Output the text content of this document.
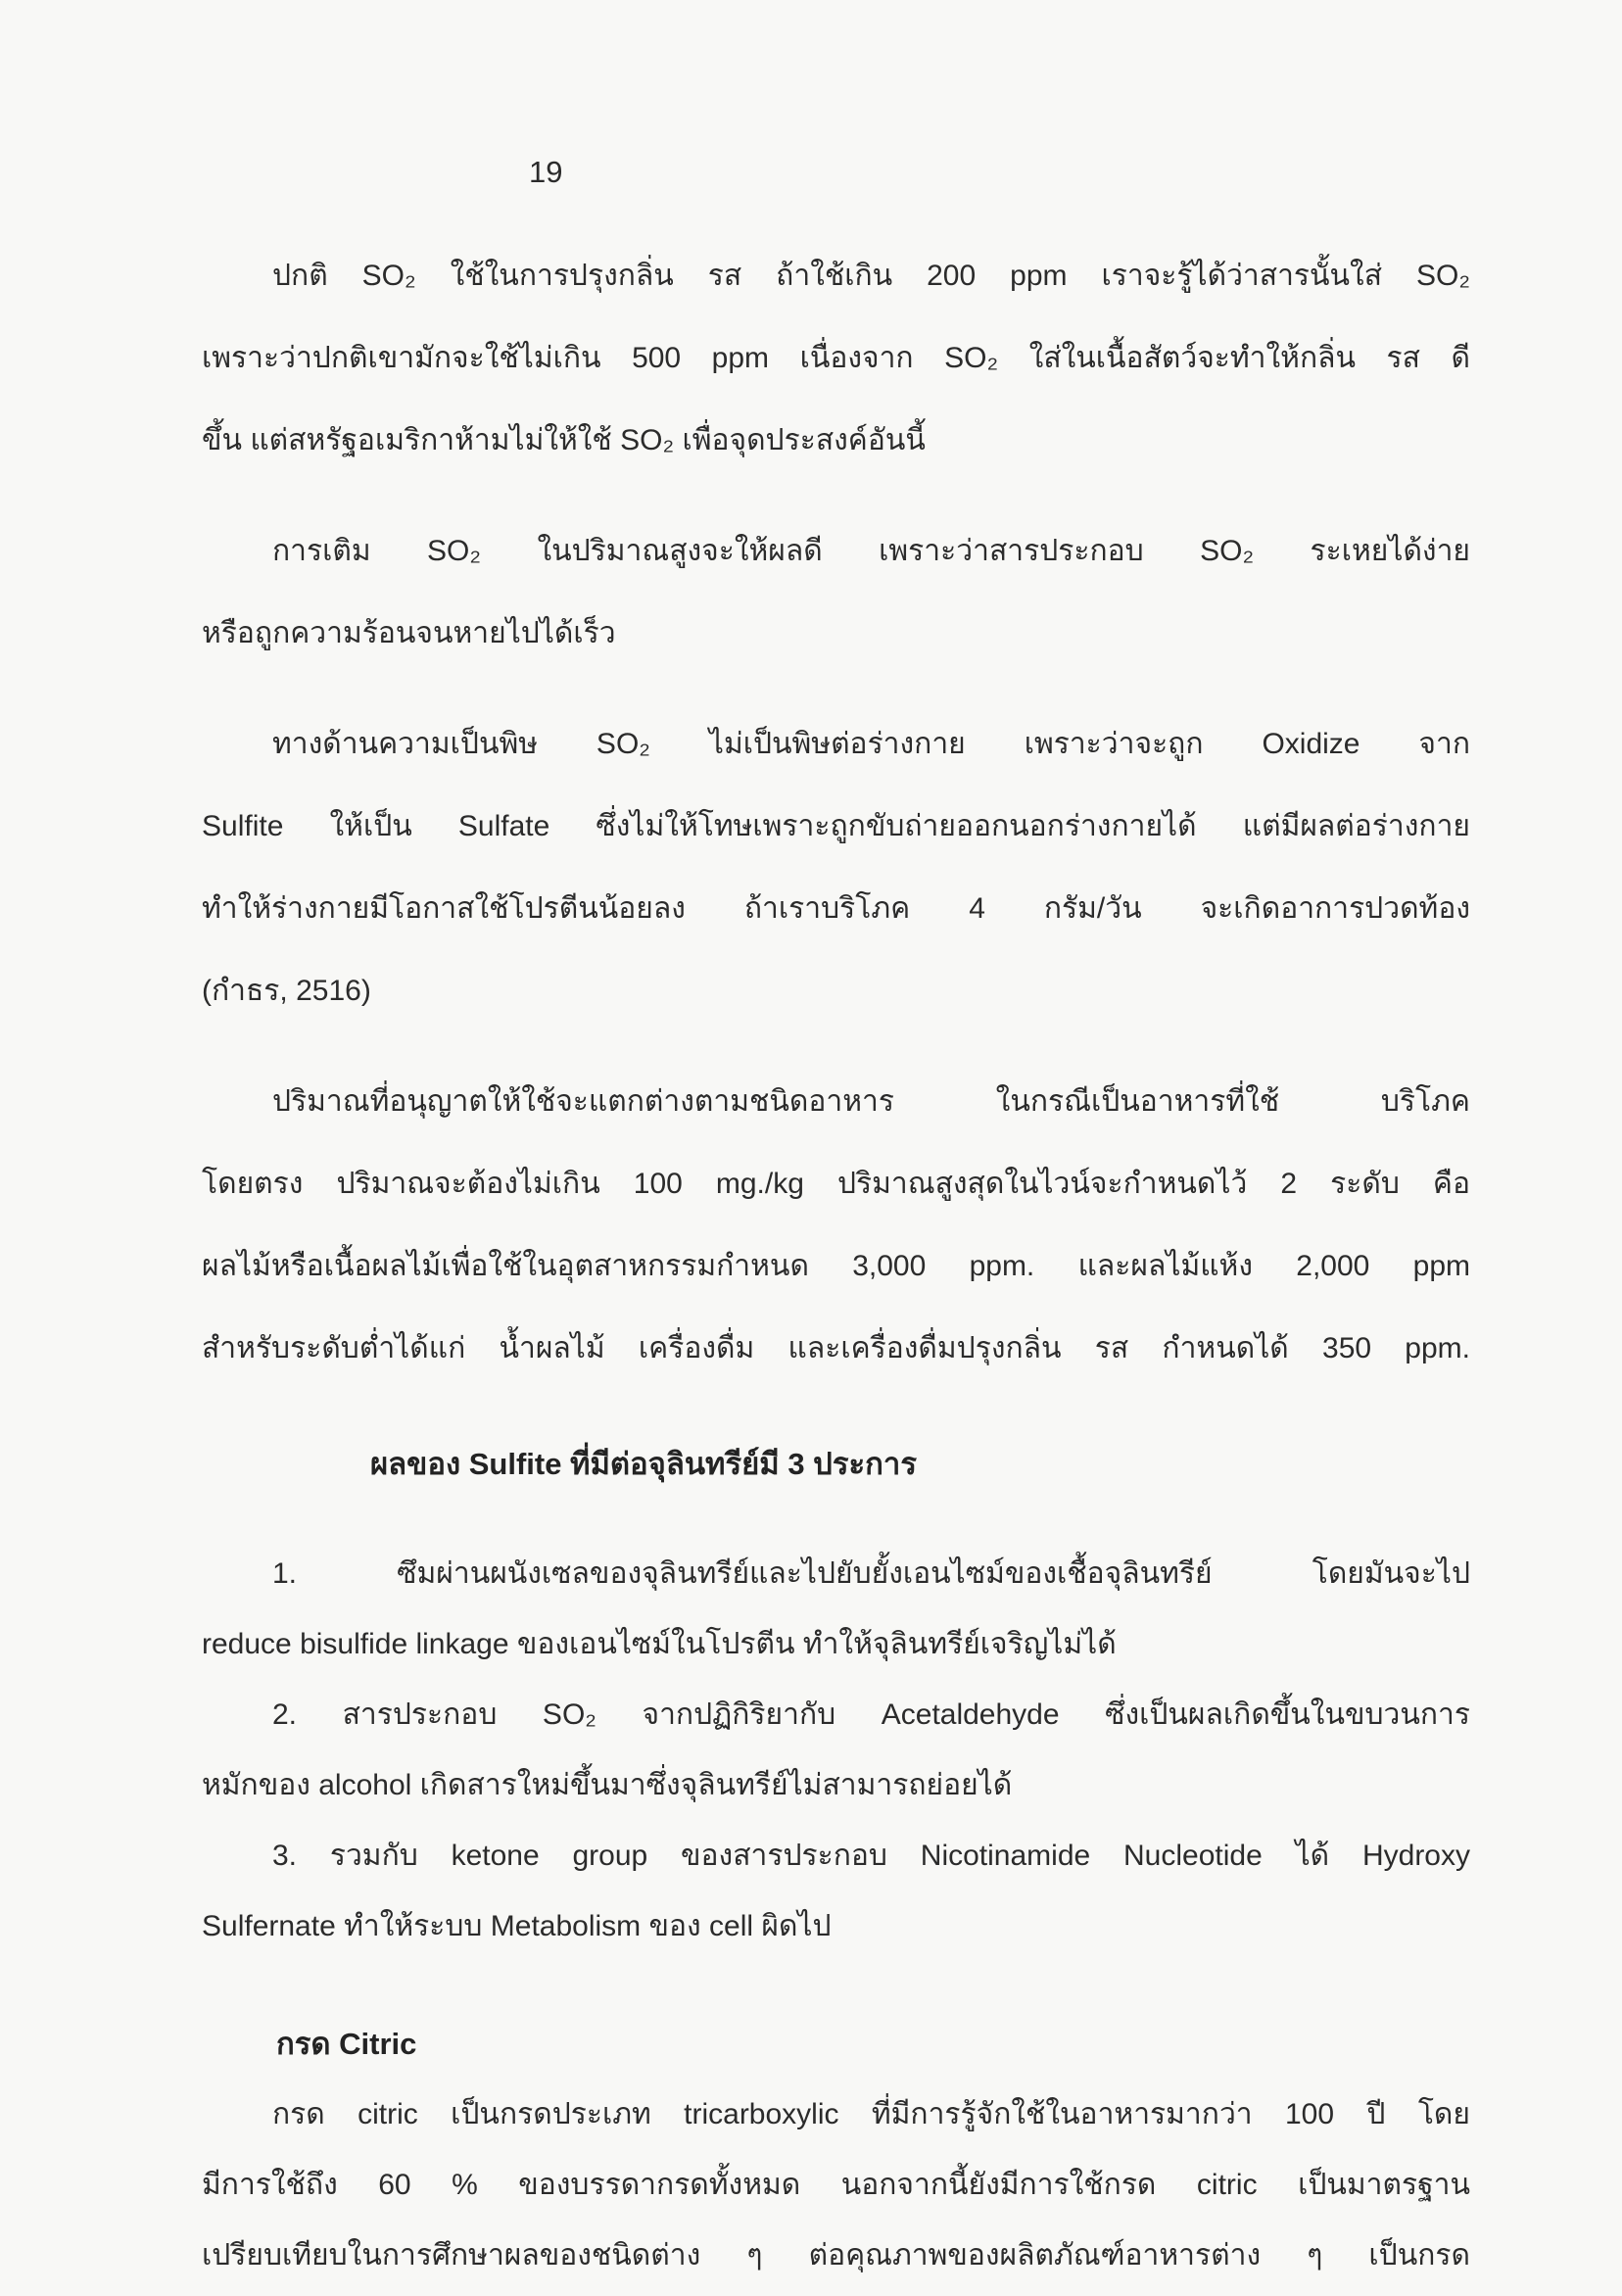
19
ปกติ SO₂ ใช้ในการปรุงกลิ่น รส ถ้าใช้เกิน 200 ppm เราจะรู้ได้ว่าสารนั้นใส่ SO₂
เพราะว่าปกติเขามักจะใช้ไม่เกิน 500 ppm เนื่องจาก SO₂ ใส่ในเนื้อสัตว์จะทำให้กลิ่น รส ดี
ขึ้น แต่สหรัฐอเมริกาห้ามไม่ให้ใช้ SO₂ เพื่อจุดประสงค์อันนี้
การเติม SO₂ ในปริมาณสูงจะให้ผลดี เพราะว่าสารประกอบ SO₂ ระเหยได้ง่าย
หรือถูกความร้อนจนหายไปได้เร็ว
ทางด้านความเป็นพิษ SO₂ ไม่เป็นพิษต่อร่างกาย เพราะว่าจะถูก Oxidize จาก
Sulfite ให้เป็น Sulfate ซึ่งไม่ให้โทษเพราะถูกขับถ่ายออกนอกร่างกายได้ แต่มีผลต่อร่างกาย
ทำให้ร่างกายมีโอกาสใช้โปรตีนน้อยลง ถ้าเราบริโภค 4 กรัม/วัน จะเกิดอาการปวดท้อง
(กำธร, 2516)
ปริมาณที่อนุญาตให้ใช้จะแตกต่างตามชนิดอาหาร ในกรณีเป็นอาหารที่ใช้ บริโภค
โดยตรง ปริมาณจะต้องไม่เกิน 100 mg./kg ปริมาณสูงสุดในไวน์จะกำหนดไว้ 2 ระดับ คือ
ผลไม้หรือเนื้อผลไม้เพื่อใช้ในอุตสาหกรรมกำหนด 3,000 ppm. และผลไม้แห้ง 2,000 ppm
สำหรับระดับต่ำได้แก่ น้ำผลไม้ เครื่องดื่ม และเครื่องดื่มปรุงกลิ่น รส กำหนดได้ 350 ppm.
ผลของ Sulfite ที่มีต่อจุลินทรีย์มี 3 ประการ
1. ซึมผ่านผนังเซลของจุลินทรีย์และไปยับยั้งเอนไซม์ของเชื้อจุลินทรีย์ โดยมันจะไป
reduce bisulfide linkage ของเอนไซม์ในโปรตีน ทำให้จุลินทรีย์เจริญไม่ได้
2. สารประกอบ SO₂ จากปฏิกิริยากับ Acetaldehyde ซึ่งเป็นผลเกิดขึ้นในขบวนการ
หมักของ alcohol เกิดสารใหม่ขึ้นมาซึ่งจุลินทรีย์ไม่สามารถย่อยได้
3. รวมกับ ketone group ของสารประกอบ Nicotinamide Nucleotide ได้ Hydroxy
Sulfernate ทำให้ระบบ Metabolism ของ cell ผิดไป
กรด Citric
กรด citric เป็นกรดประเภท tricarboxylic ที่มีการรู้จักใช้ในอาหารมากว่า 100 ปี โดย
มีการใช้ถึง 60 % ของบรรดากรดทั้งหมด นอกจากนี้ยังมีการใช้กรด citric เป็นมาตรฐาน
เปรียบเทียบในการศึกษาผลของชนิดต่าง ๆ ต่อคุณภาพของผลิตภัณฑ์อาหารต่าง ๆ เป็นกรด
